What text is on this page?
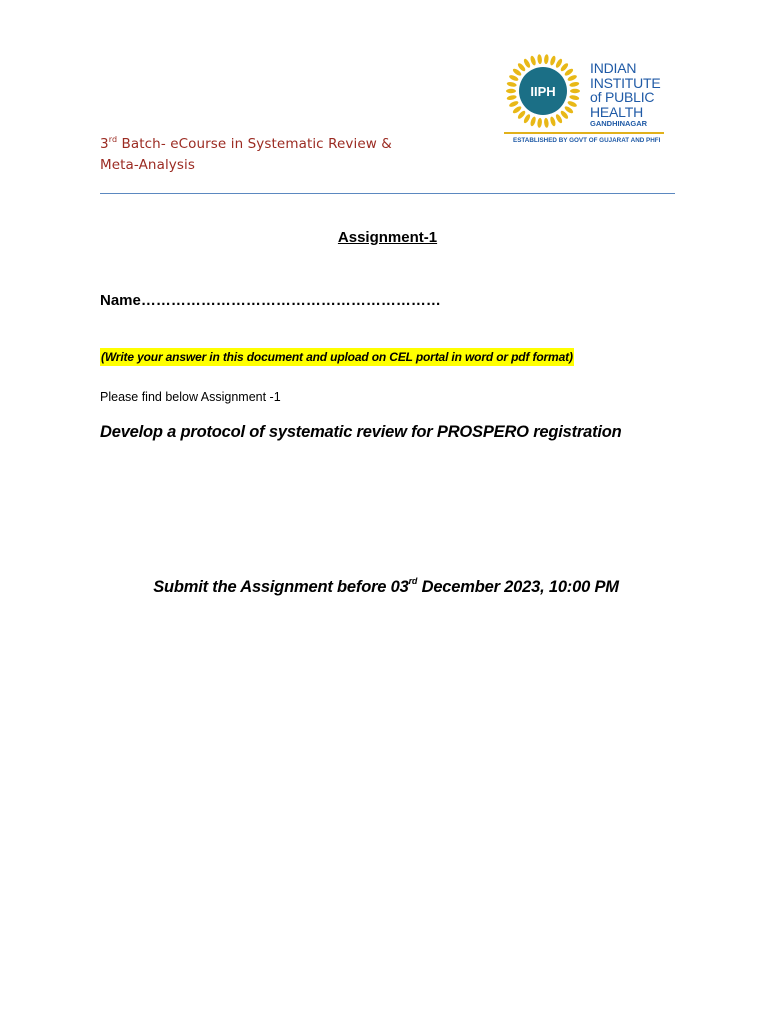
3rd Batch- eCourse in Systematic Review &
Meta-Analysis
IIPH
INDIAN
INSTITUTE
of PUBLIC
HEALTH
GANDHINAGAR
ESTABLISHED BY GOVT OF GUJARAT AND PHFI
Assignment-1
Name……………………………………………………
(Write your answer in this document and upload on CEL portal in word or pdf format)
Please find below Assignment -1
Develop a protocol of systematic review for PROSPERO registration
Submit the Assignment before 03rd December 2023, 10:00 PM
